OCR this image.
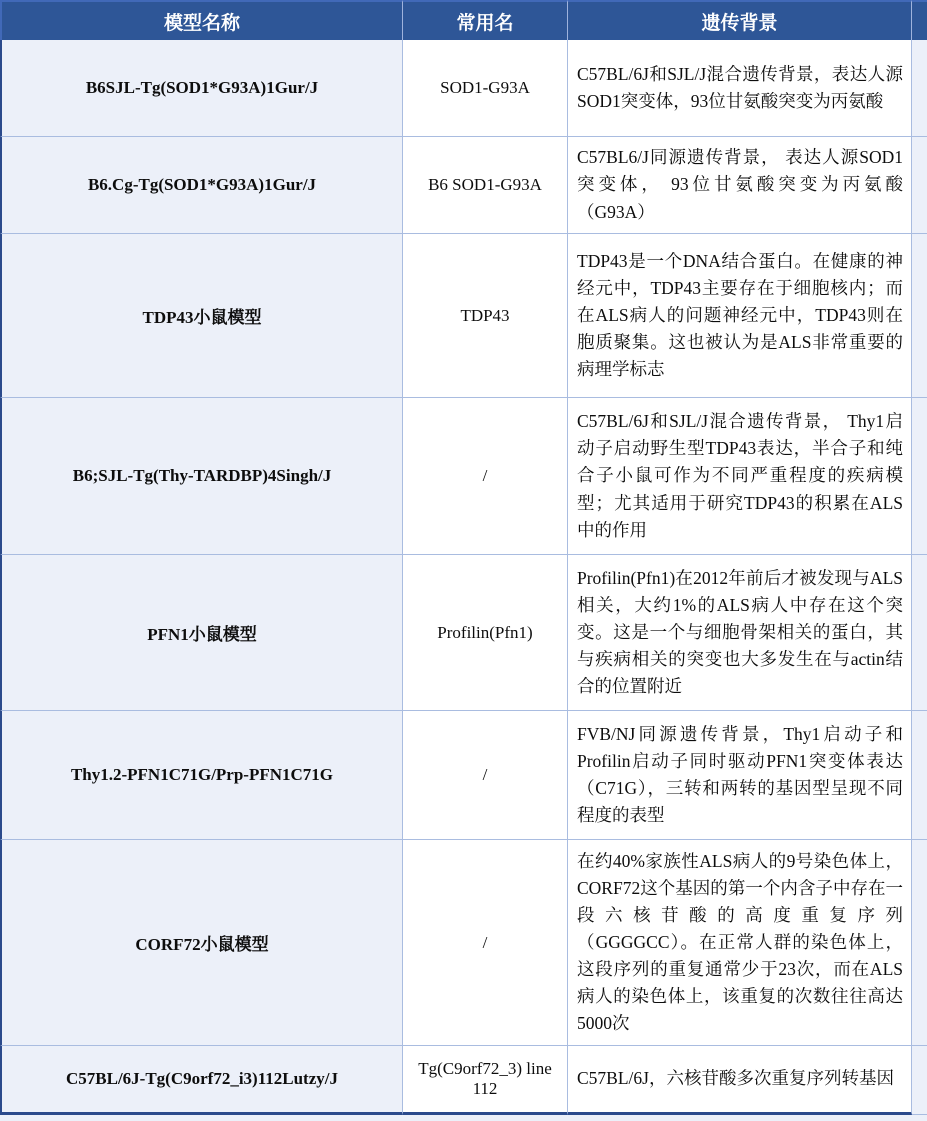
模型名称	常用名	遗传背景	
B6SJL-Tg(SOD1*G93A)1Gur/J	SOD1-G93A	C57BL/6J和SJL/J混合遗传背景，表达人源SOD1突变体，93位甘氨酸突变为丙氨酸	
B6.Cg-Tg(SOD1*G93A)1Gur/J	B6 SOD1-G93A	C57BL6/J同源遗传背景， 表达人源SOD1突变体， 93位甘氨酸突变为丙氨酸（G93A）	
TDP43小鼠模型	TDP43	TDP43是一个DNA结合蛋白。在健康的神经元中，TDP43主要存在于细胞核内；而在ALS病人的问题神经元中，TDP43则在胞质聚集。这也被认为是ALS非常重要的病理学标志	
B6;SJL-Tg(Thy-TARDBP)4Singh/J	/	C57BL/6J和SJL/J混合遗传背景， Thy1启动子启动野生型TDP43表达，半合子和纯合子小鼠可作为不同严重程度的疾病模型；尤其适用于研究TDP43的积累在ALS中的作用	
PFN1小鼠模型	Profilin(Pfn1)	Profilin(Pfn1)在2012年前后才被发现与ALS相关，大约1%的ALS病人中存在这个突变。这是一个与细胞骨架相关的蛋白，其与疾病相关的突变也大多发生在与actin结合的位置附近	
Thy1.2-PFN1C71G/Prp-PFN1C71G	/	FVB/NJ同源遗传背景，Thy1启动子和 Profilin启动子同时驱动PFN1突变体表达（C71G），三转和两转的基因型呈现不同程度的表型	
CORF72小鼠模型	/	在约40%家族性ALS病人的9号染色体上，CORF72这个基因的第一个内含子中存在一段六核苷酸的高度重复序列（GGGGCC）。在正常人群的染色体上，这段序列的重复通常少于23次，而在ALS病人的染色体上，该重复的次数往往高达5000次	
C57BL/6J-Tg(C9orf72_i3)112Lutzy/J	Tg(C9orf72_3) line 112	C57BL/6J，六核苷酸多次重复序列转基因	
